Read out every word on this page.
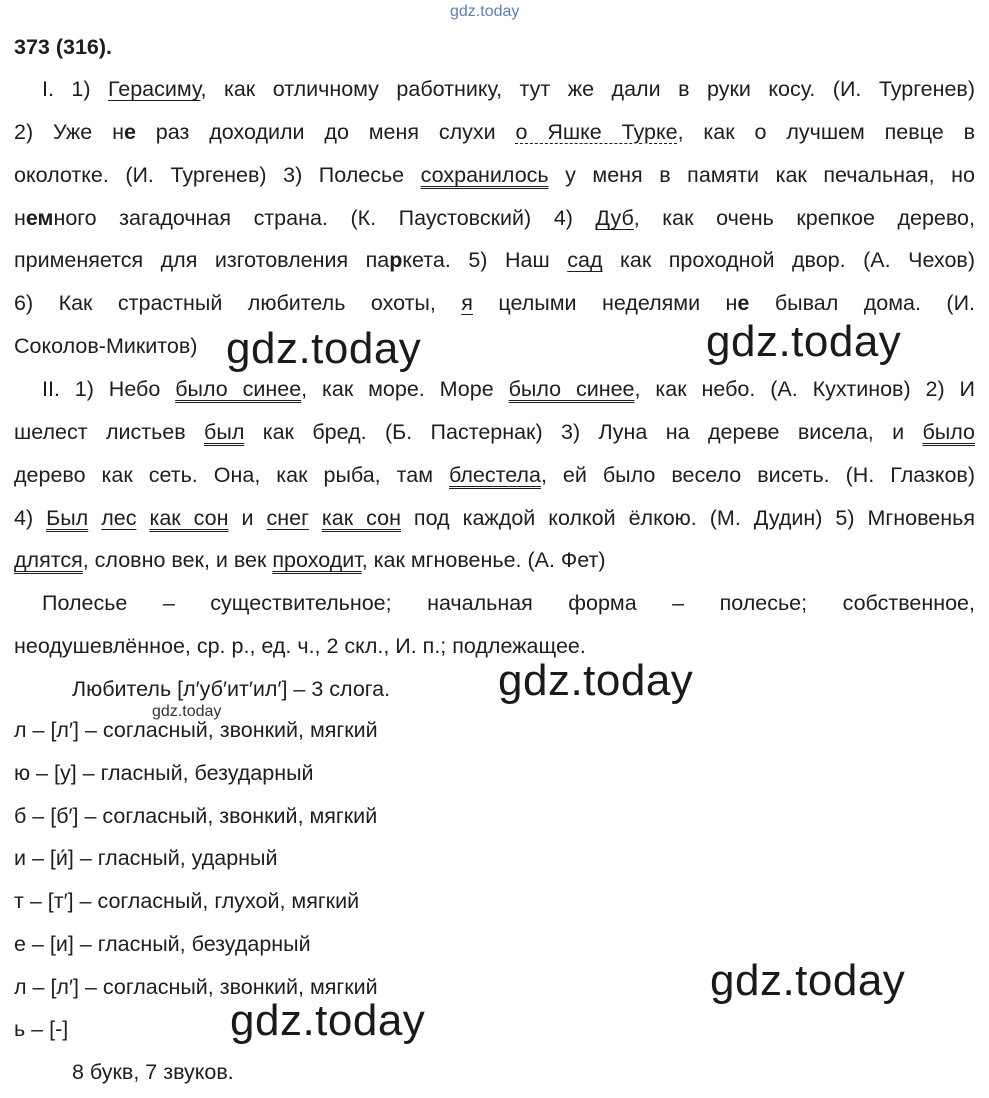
gdz.today
373 (316).
I. 1) Герасиму, как отличному работнику, тут же дали в руки косу. (И. Тургенев)
2) Уже не раз доходили до меня слухи о Яшке Турке, как о лучшем певце в
околотке. (И. Тургенев) 3) Полесье сохранилось у меня в памяти как печальная, но
немного загадочная страна. (К. Паустовский) 4) Дуб, как очень крепкое дерево,
применяется для изготовления паркета. 5) Наш сад как проходной двор. (А. Чехов)
6) Как страстный любитель охоты, я целыми неделями не бывал дома. (И.
Соколов-Микитов)
II. 1) Небо было синее, как море. Море было синее, как небо. (А. Кухтинов) 2) И
шелест листьев был как бред. (Б. Пастернак) 3) Луна на дереве висела, и было
дерево как сеть. Она, как рыба, там блестела, ей было весело висеть. (Н. Глазков)
4) Был лес как сон и снег как сон под каждой колкой ёлкою. (М. Дудин) 5) Мгновенья
длятся, словно век, и век проходит, как мгновенье. (А. Фет)
Полесье – существительное; начальная форма – полесье; собственное,
неодушевлённое, ср. р., ед. ч., 2 скл., И. п.; подлежащее.
Любитель [л′уб′ит′ил′] – 3 слога.
л – [л′] – согласный, звонкий, мягкий
ю – [у] – гласный, безударный
б – [б′] – согласный, звонкий, мягкий
и – [и́] – гласный, ударный
т – [т′] – согласный, глухой, мягкий
е – [и] – гласный, безударный
л – [л′] – согласный, звонкий, мягкий
ь – [-]
8 букв, 7 звуков.
gdz.today	gdz.today
gdz.today
gdz.today
gdz.today
gdz.today
